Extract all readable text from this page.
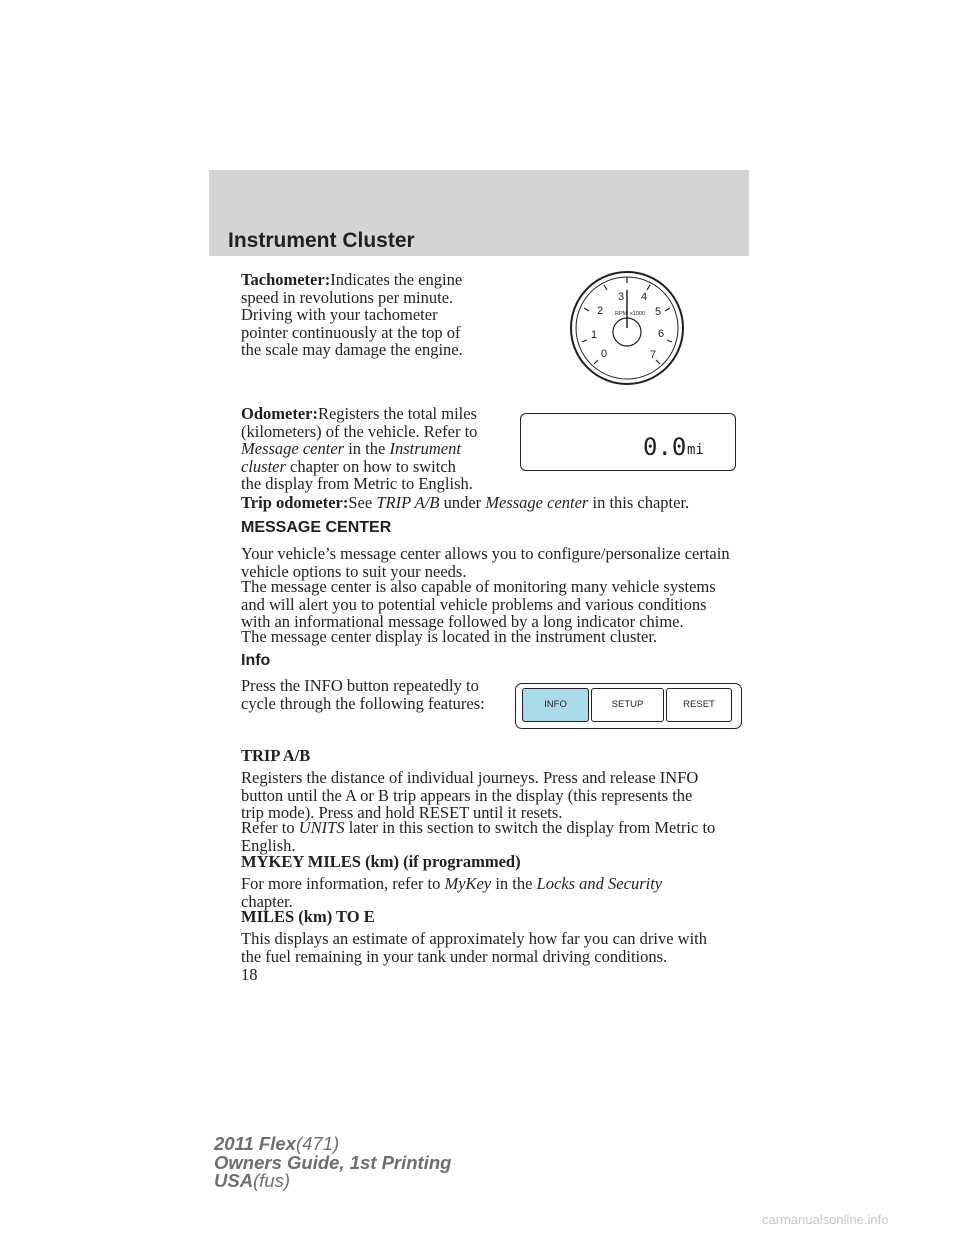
Instrument Cluster
Tachometer:Indicates the engine
speed in revolutions per minute.
Driving with your tachometer
pointer continuously at the top of
the scale may damage the engine.	0
1
2
3 4
5
6
7
RPM x1000
Odometer:Registers the total miles
(kilometers) of the vehicle. Refer to
Message center in the Instrument
cluster chapter on how to switch
the display from Metric to English.
0.0 mi
Trip odometer:See TRIP A/B under Message center in this chapter.
MESSAGE CENTER
Your vehicle’s message center allows you to configure/personalize certain
vehicle options to suit your needs.
The message center is also capable of monitoring many vehicle systems
and will alert you to potential vehicle problems and various conditions
with an informational message followed by a long indicator chime.
The message center display is located in the instrument cluster.
Info
Press the INFO button repeatedly to
cycle through the following features:	INFO	SETUP	RESET
TRIP A/B
Registers the distance of individual journeys. Press and release INFO
button until the A or B trip appears in the display (this represents the
trip mode). Press and hold RESET until it resets.
Refer to UNITS later in this section to switch the display from Metric to
English.
MYKEY MILES (km) (if programmed)
For more information, refer to MyKey in the Locks and Security
chapter.
MILES (km) TO E
This displays an estimate of approximately how far you can drive with
the fuel remaining in your tank under normal driving conditions.
18
2011 Flex(471)
Owners Guide, 1st Printing
USA(fus)
carmanualsonline.info
